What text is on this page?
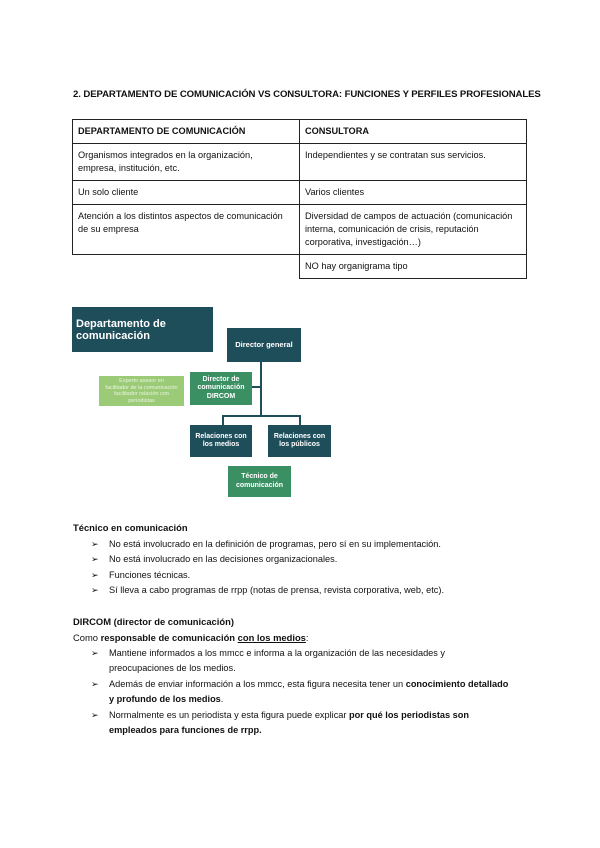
2. DEPARTAMENTO DE COMUNICACIÓN VS CONSULTORA: FUNCIONES Y PERFILES PROFESIONALES
DEPARTAMENTO DE COMUNICACIÓN	CONSULTORA
Organismos integrados en la organización, empresa, institución, etc.	Independientes y se contratan sus servicios.
Un solo cliente	Varios clientes
Atención a los distintos aspectos de comunicación de su empresa	Diversidad de campos de actuación (comunicación interna, comunicación de crisis, reputación corporativa, investigación…)
	NO hay organigrama tipo
Departamento de
comunicación
Director general
Experto asesor en
facilitador de la comunicación
facilitador relación con
periodistas
Director de
comunicación
DIRCOM
Relaciones con
los medios
Relaciones con
los públicos
Técnico de
comunicación
Técnico en comunicación
➢ No está involucrado en la definición de programas, pero sí en su implementación.
➢ No está involucrado en las decisiones organizacionales.
➢ Funciones técnicas.
➢ Sí lleva a cabo programas de rrpp (notas de prensa, revista corporativa, web, etc).
DIRCOM (director de comunicación)
Como responsable de comunicación con los medios:
➢ Mantiene informados a los mmcc e informa a la organización de las necesidades y preocupaciones de los medios.
➢ Además de enviar información a los mmcc, esta figura necesita tener un conocimiento detallado y profundo de los medios.
➢ Normalmente es un periodista y esta figura puede explicar por qué los periodistas son empleados para funciones de rrpp.
